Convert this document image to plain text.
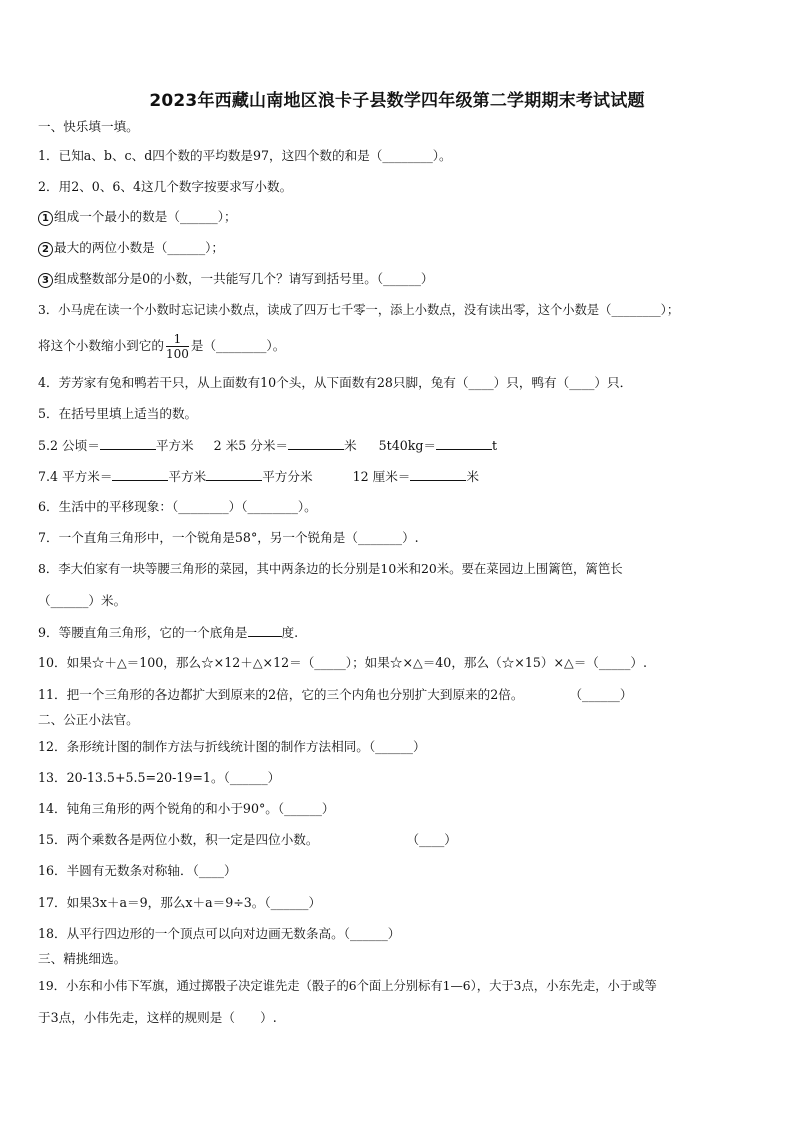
2023年西藏山南地区浪卡子县数学四年级第二学期期末考试试题
一、快乐填一填。
1．已知a、b、c、d四个数的平均数是97，这四个数的和是（________）。
2．用2、0、6、4这几个数字按要求写小数。
1 组成一个最小的数是（______）；
2 最大的两位小数是（______）；
3 组成整数部分是0的小数，一共能写几个？请写到括号里。（______）
3．小马虎在读一个小数时忘记读小数点，读成了四万七千零一，添上小数点，没有读出零，这个小数是（________）；
将这个小数缩小到它的 $\frac{1}{100}$ 是（________）。
4．芳芳家有兔和鸭若干只，从上面数有10个头，从下面数有28只脚，兔有（____）只，鸭有（____）只．
5．在括号里填上适当的数。
5.2 公顷＝	平方米 2 米5 分米＝	米 5t40kg＝	t
7.4 平方米＝	平方米	平方分米	12 厘米＝	米
6．生活中的平移现象：（________）（________）。
7．一个直角三角形中，一个锐角是58°，另一个锐角是（_______）.
8．李大伯家有一块等腰三角形的菜园，其中两条边的长分别是10米和20米。要在菜园边上围篱笆，篱笆长
（______）米。
9．等腰直角三角形，它的一个底角是	度.
10．如果☆＋△＝100，那么☆×12＋△×12＝（_____）；如果☆×△＝40，那么（☆×15）×△＝（_____）.
11．把一个三角形的各边都扩大到原来的2倍，它的三个内角也分别扩大到原来的2倍。	（______）
二、公正小法官。
12．条形统计图的制作方法与折线统计图的制作方法相同。（______）
13．20-13.5+5.5=20-19=1。（______）
14．钝角三角形的两个锐角的和小于90°。（______）
15．两个乘数各是两位小数，积一定是四位小数。	（____）
16．半圆有无数条对称轴．（____）
17．如果3x＋a＝9，那么x＋a＝9÷3。（______）
18．从平行四边形的一个顶点可以向对边画无数条高。（______）
三、精挑细选。
19．小东和小伟下军旗，通过掷骰子决定谁先走（骰子的6个面上分别标有1—6），大于3点，小东先走，小于或等
于3点，小伟先走，这样的规则是（　　）.
